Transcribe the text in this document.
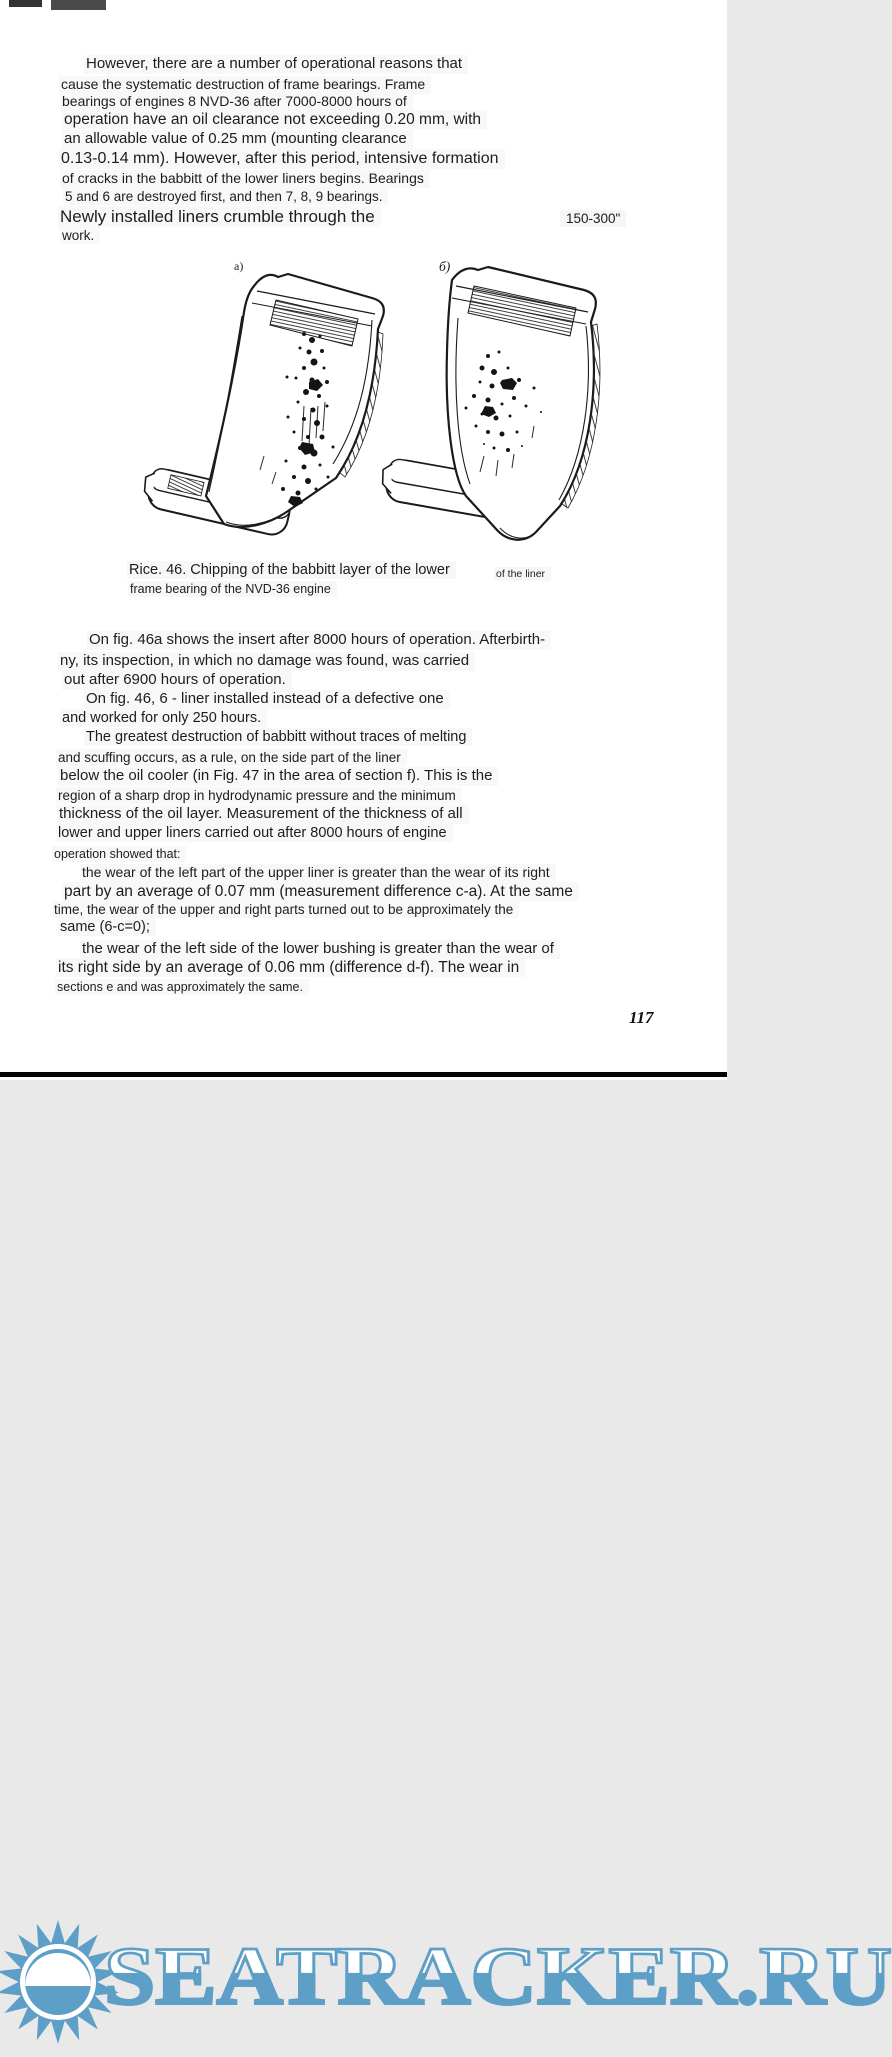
However, there are a number of operational reasons that
cause the systematic destruction of frame bearings. Frame
bearings of engines 8 NVD-36 after 7000-8000 hours of
operation have an oil clearance not exceeding 0.20 mm, with
an allowable value of 0.25 mm (mounting clearance
0.13-0.14 mm). However, after this period, intensive formation
of cracks in the babbitt of the lower liners begins. Bearings
5 and 6 are destroyed first, and then 7, 8, 9 bearings.
Newly installed liners crumble through the
work.
150-300"
a)	б)
Rice. 46. Chipping of the babbitt layer of the lower	of the liner
frame bearing of the NVD-36 engine
On fig. 46a shows the insert after 8000 hours of operation. Afterbirth-
ny, its inspection, in which no damage was found, was carried
out after 6900 hours of operation.
On fig. 46, 6 - liner installed instead of a defective one
and worked for only 250 hours.
The greatest destruction of babbitt without traces of melting
and scuffing occurs, as a rule, on the side part of the liner
below the oil cooler (in Fig. 47 in the area of section f). This is the
region of a sharp drop in hydrodynamic pressure and the minimum
thickness of the oil layer. Measurement of the thickness of all
lower and upper liners carried out after 8000 hours of engine
operation showed that:
the wear of the left part of the upper liner is greater than the wear of its right
part by an average of 0.07 mm (measurement difference c-a). At the same
time, the wear of the upper and right parts turned out to be approximately the
same (6-c=0);
the wear of the left side of the lower bushing is greater than the wear of
its right side by an average of 0.06 mm (difference d-f). The wear in
sections e and was approximately the same.
SEATRACKER.RU
117
